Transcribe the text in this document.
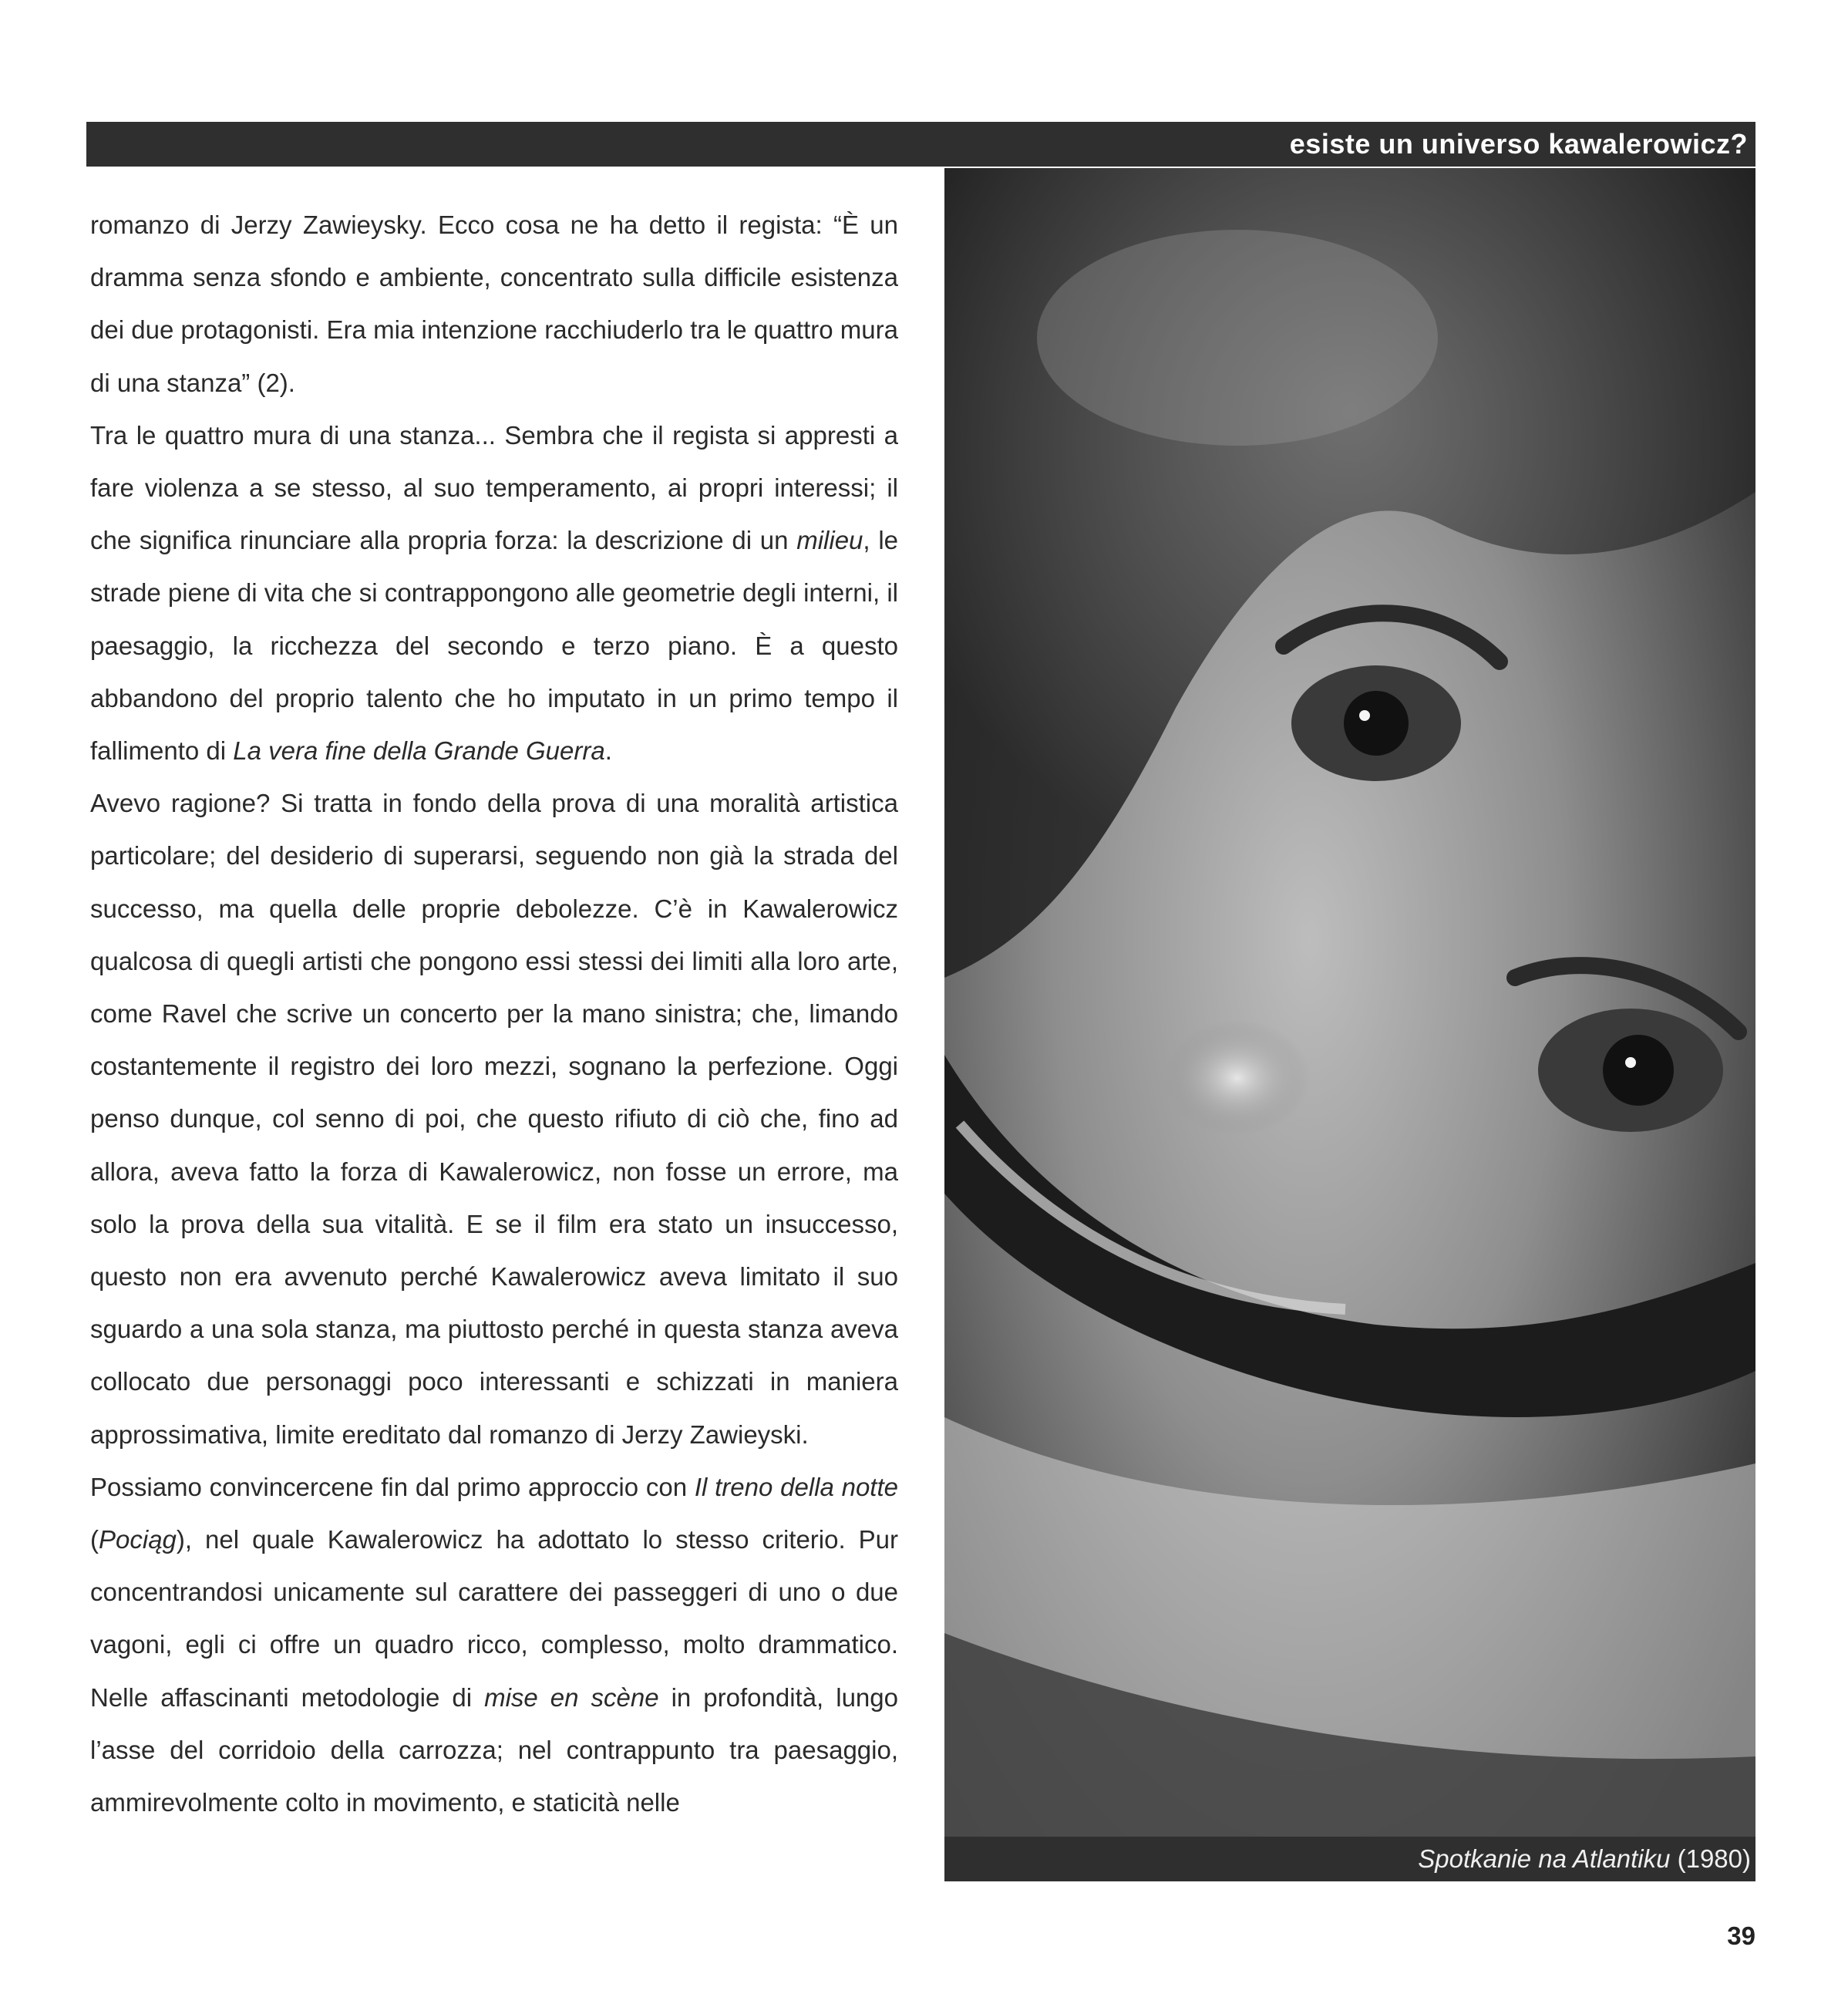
esiste un universo kawalerowicz?

romanzo di Jerzy Zawieysky. Ecco cosa ne ha detto il regista: “È un dramma senza sfondo e ambiente, concentrato sulla difficile esistenza dei due protagonisti. Era mia intenzione racchiuderlo tra le quattro mura di una stanza” (2).

Tra le quattro mura di una stanza... Sembra che il regista si appresti a fare violenza a se stesso, al suo temperamento, ai propri interessi; il che significa rinunciare alla propria forza: la descrizione di un milieu, le strade piene di vita che si contrappongono alle geometrie degli interni, il paesaggio, la ricchezza del secondo e terzo piano. È a questo abbandono del proprio talento che ho imputato in un primo tempo il fallimento di La vera fine della Grande Guerra.

Avevo ragione? Si tratta in fondo della prova di una moralità artistica particolare; del desiderio di superarsi, seguendo non già la strada del successo, ma quella delle proprie debolezze. C’è in Kawalerowicz qualcosa di quegli artisti che pongono essi stessi dei limiti alla loro arte, come Ravel che scrive un concerto per la mano sinistra; che, limando costantemente il registro dei loro mezzi, sognano la perfezione. Oggi penso dunque, col senno di poi, che questo rifiuto di ciò che, fino ad allora, aveva fatto la forza di Kawalerowicz, non fosse un errore, ma solo la prova della sua vitalità. E se il film era stato un insuccesso, questo non era avvenuto perché Kawalerowicz aveva limitato il suo sguardo a una sola stanza, ma piuttosto perché in questa stanza aveva collocato due personaggi poco interessanti e schizzati in maniera approssimativa, limite ereditato dal romanzo di Jerzy Zawieyski.

Possiamo convincercene fin dal primo approccio con Il treno della notte (Pociąg), nel quale Kawalerowicz ha adottato lo stesso criterio. Pur concentrandosi unicamente sul carattere dei passeggeri di uno o due vagoni, egli ci offre un quadro ricco, complesso, molto drammatico. Nelle affascinanti metodologie di mise en scène in profondità, lungo l’asse del corridoio della carrozza; nel contrappunto tra paesaggio, ammirevolmente colto in movimento, e staticità nelle

Spotkanie na Atlantiku (1980)
39
